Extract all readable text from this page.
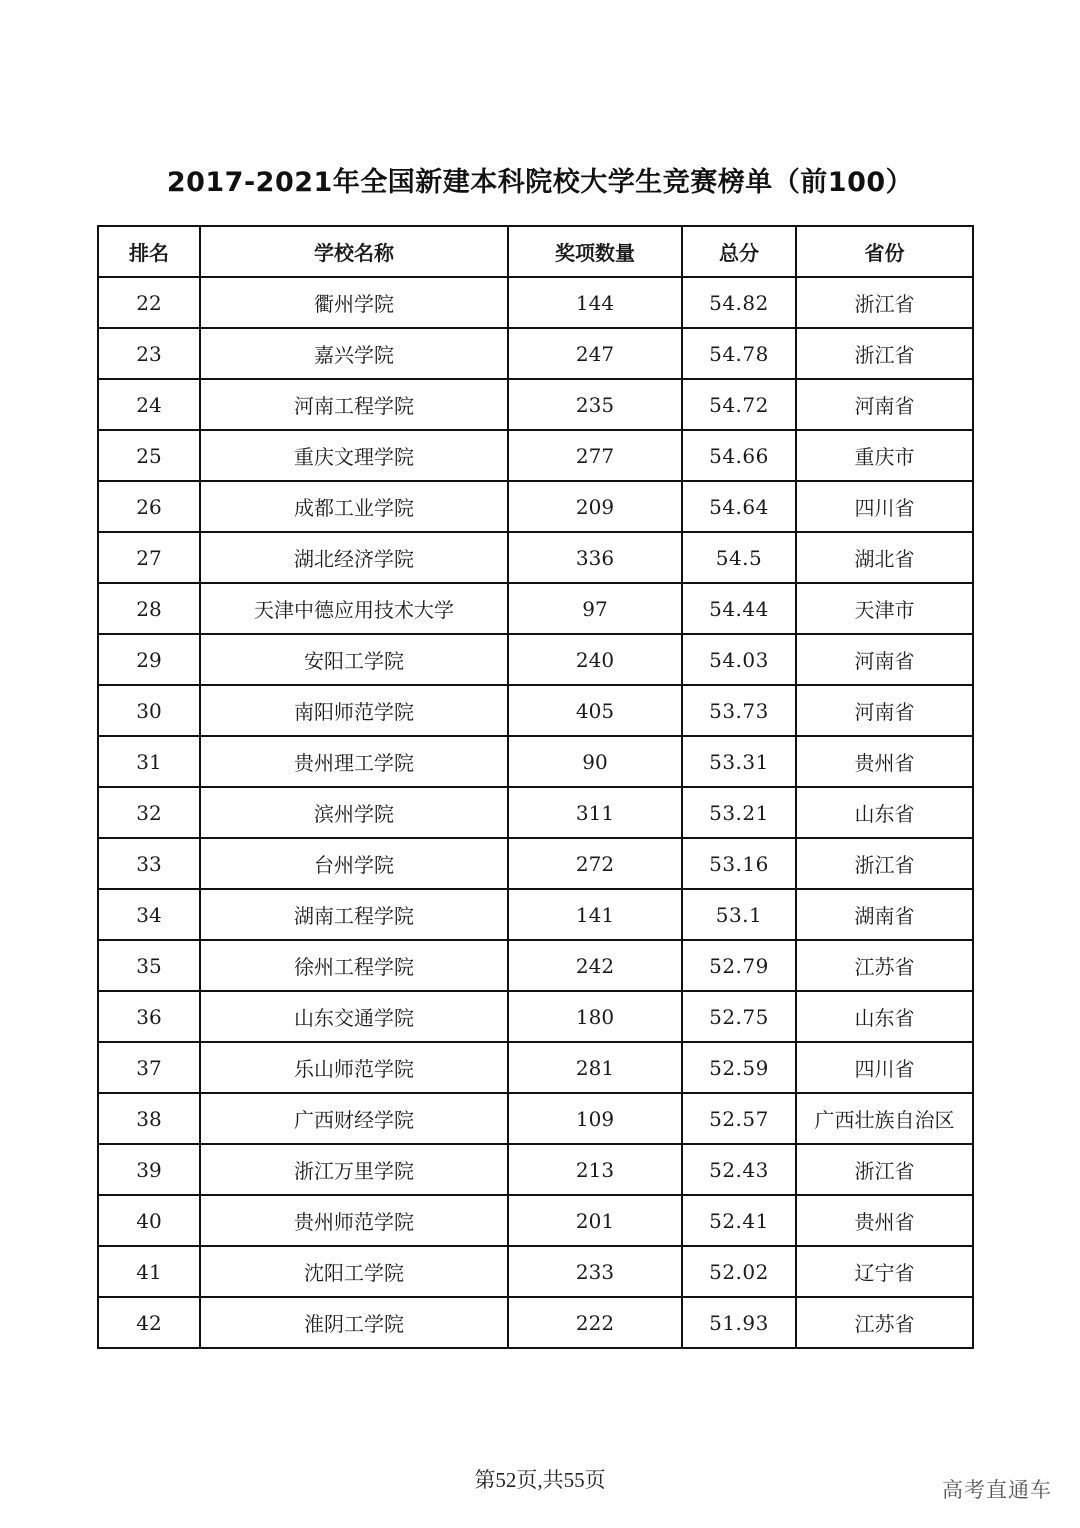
2017-2021年全国新建本科院校大学生竞赛榜单（前100）
排名	学校名称	奖项数量	总分	省份
22	衢州学院	144	54.82	浙江省
23	嘉兴学院	247	54.78	浙江省
24	河南工程学院	235	54.72	河南省
25	重庆文理学院	277	54.66	重庆市
26	成都工业学院	209	54.64	四川省
27	湖北经济学院	336	54.5	湖北省
28	天津中德应用技术大学	97	54.44	天津市
29	安阳工学院	240	54.03	河南省
30	南阳师范学院	405	53.73	河南省
31	贵州理工学院	90	53.31	贵州省
32	滨州学院	311	53.21	山东省
33	台州学院	272	53.16	浙江省
34	湖南工程学院	141	53.1	湖南省
35	徐州工程学院	242	52.79	江苏省
36	山东交通学院	180	52.75	山东省
37	乐山师范学院	281	52.59	四川省
38	广西财经学院	109	52.57	广西壮族自治区
39	浙江万里学院	213	52.43	浙江省
40	贵州师范学院	201	52.41	贵州省
41	沈阳工学院	233	52.02	辽宁省
42	淮阴工学院	222	51.93	江苏省
第52页,共55页	高考直通车
